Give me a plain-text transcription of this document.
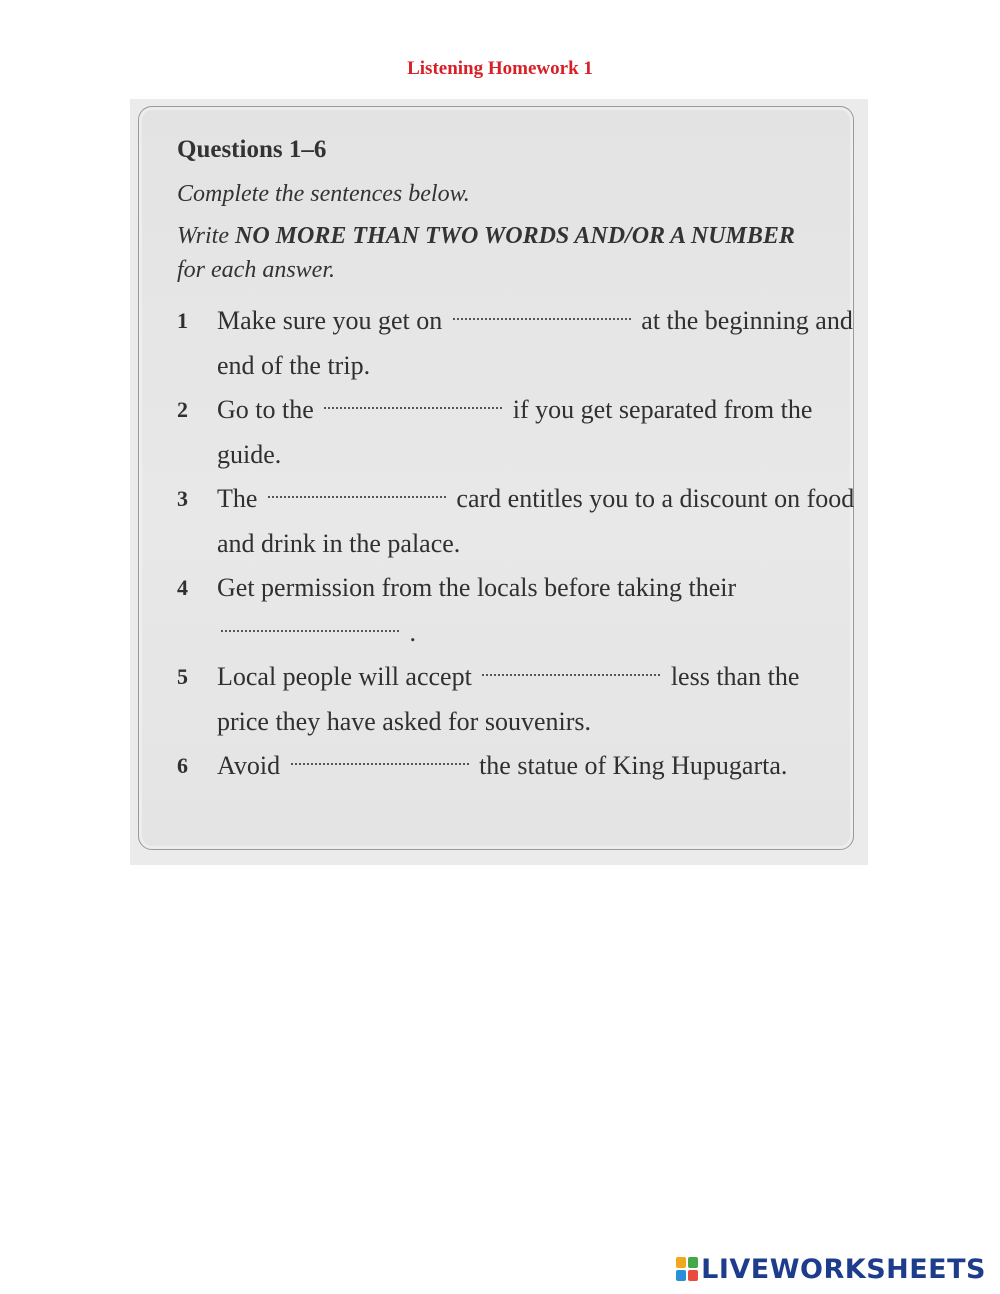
Listening Homework 1

Questions 1–6

Complete the sentences below.

Write NO MORE THAN TWO WORDS AND/OR A NUMBER for each answer.

1 Make sure you get on	at the beginning and end of the trip.
2 Go to the	if you get separated from the guide.
3 The	card entitles you to a discount on food and drink in the palace.
4 Get permission from the locals before taking their  .
5 Local people will accept	less than the price they have asked for souvenirs.
6 Avoid	the statue of King Hupugarta.
LIVEWORKSHEETS
